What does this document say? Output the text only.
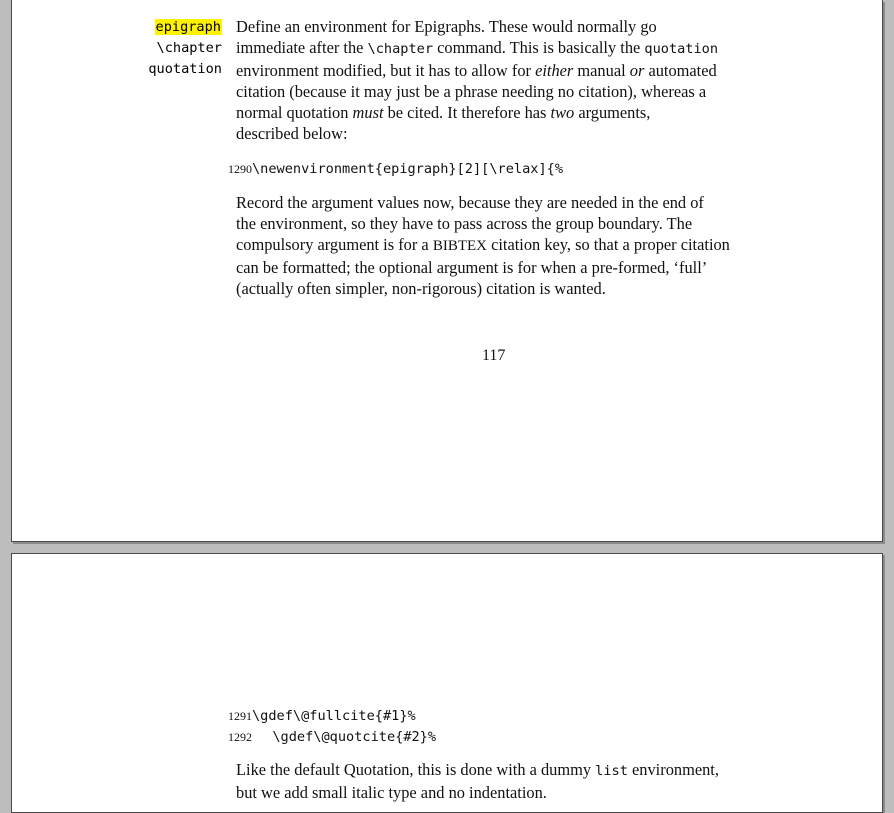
epigraph
\chapter
quotation
Define an environment for Epigraphs. These would normally go
immediate after the \chapter command. This is basically the quotation
environment modified, but it has to allow for either manual or automated
citation (because it may just be a phrase needing no citation), whereas a
normal quotation must be cited. It therefore has two arguments,
described below:
1290\newenvironment{epigraph}[2][\relax]{%
Record the argument values now, because they are needed in the end of
the environment, so they have to pass across the group boundary. The
compulsory argument is for a BIBTEX citation key, so that a proper citation
can be formatted; the optional argument is for when a pre-formed, ‘full’
(actually often simpler, non-rigorous) citation is wanted.
117
1291\gdef\@fullcite{#1}%
1292  \gdef\@quotcite{#2}%
Like the default Quotation, this is done with a dummy list environment,
but we add small italic type and no indentation.
